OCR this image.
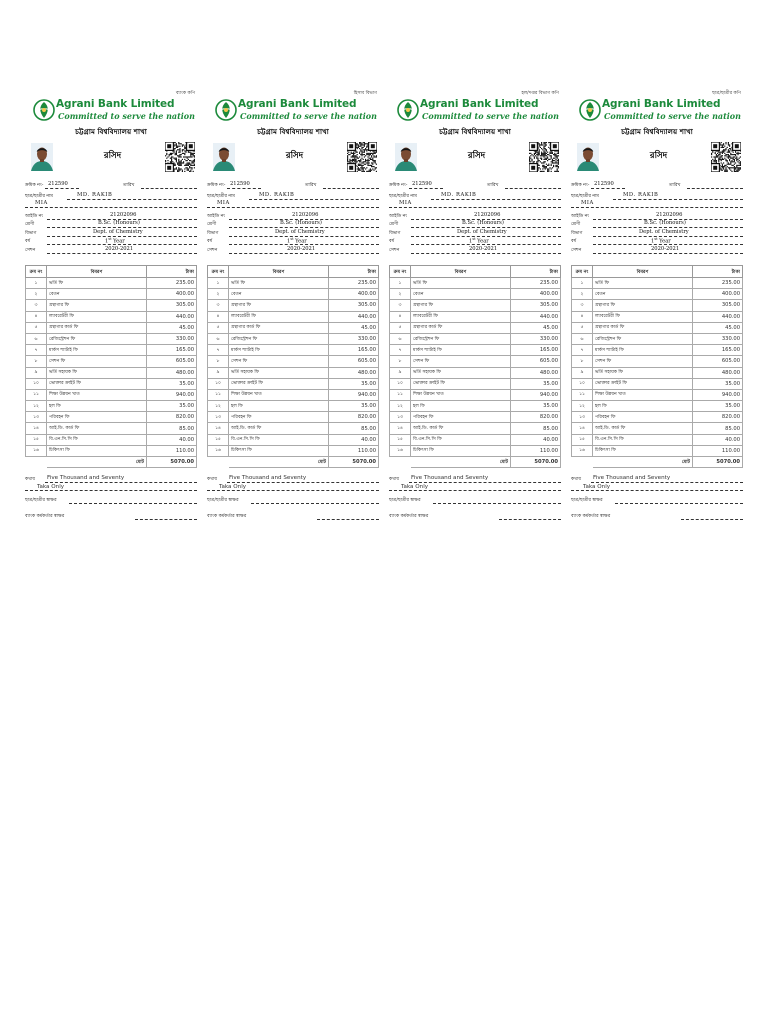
ব্যাংক কপি
Agrani Bank Limited
Committed to serve the nation
চট্টগ্রাম বিশ্ববিদ্যালয় শাখা
রসিদ
ক্রমিক নং- 212590	তারিখ
ছাত্র/ছাত্রীর নাম	MD. RAKIB
MIA
আইডি নং	21202096
শ্রেণী	B.Sc. (Honours)
বিভাগ	Dept. of Chemistry
বর্ষ	1st Year
সেশন	2020-2021
ক্রম নং	বিবরণ	টাকা
১	ভর্তি ফি	235.00
২	বেতন	400.00
৩	গ্রন্থাগার ফি	305.00
৪	ল্যাবরেটরী ফি	440.00
৫	গ্রন্থাগার কার্ড ফি	45.00
৬	রেজিস্ট্রেশন ফি	330.00
৭	মার্কস শ্যাটাই ফি	165.00
৮	সেশন ফি	605.00
৯	ভর্তি সহায়ক ফি	480.00
১০	ভোক্তার ক্রাইট ফি	35.00
১১	শিক্ষা উন্নয়ন খাত	940.00
১২	হল ফি	35.00
১৩	পরিবহন ফি	820.00
১৪	আই.ডি. কার্ড ফি	85.00
১৫	বি.এন.সি.সি ফি	40.00
১৬	চিকিৎসা ফি	110.00
	মোট	5070.00
কথায় Five Thousand and Seventy
Taka Only
ছাত্র/ছাত্রীর স্বাক্ষর
ব্যাংক কর্মকর্তার স্বাক্ষর
হিসাব বিভাগ
Agrani Bank Limited
Committed to serve the nation
চট্টগ্রাম বিশ্ববিদ্যালয় শাখা
রসিদ
ক্রমিক নং- 212590	তারিখ
ছাত্র/ছাত্রীর নাম	MD. RAKIB
MIA
আইডি নং	21202096
শ্রেণী	B.Sc. (Honours)
বিভাগ	Dept. of Chemistry
বর্ষ	1st Year
সেশন	2020-2021
ক্রম নং	বিবরণ	টাকা
১	ভর্তি ফি	235.00
২	বেতন	400.00
৩	গ্রন্থাগার ফি	305.00
৪	ল্যাবরেটরী ফি	440.00
৫	গ্রন্থাগার কার্ড ফি	45.00
৬	রেজিস্ট্রেশন ফি	330.00
৭	মার্কস শ্যাটাই ফি	165.00
৮	সেশন ফি	605.00
৯	ভর্তি সহায়ক ফি	480.00
১০	ভোক্তার ক্রাইট ফি	35.00
১১	শিক্ষা উন্নয়ন খাত	940.00
১২	হল ফি	35.00
১৩	পরিবহন ফি	820.00
১৪	আই.ডি. কার্ড ফি	85.00
১৫	বি.এন.সি.সি ফি	40.00
১৬	চিকিৎসা ফি	110.00
	মোট	5070.00
কথায় Five Thousand and Seventy
Taka Only
ছাত্র/ছাত্রীর স্বাক্ষর
ব্যাংক কর্মকর্তার স্বাক্ষর
হল/দপ্তর বিভাগ কপি
Agrani Bank Limited
Committed to serve the nation
চট্টগ্রাম বিশ্ববিদ্যালয় শাখা
রসিদ
ক্রমিক নং- 212590	তারিখ
ছাত্র/ছাত্রীর নাম	MD. RAKIB
MIA
আইডি নং	21202096
শ্রেণী	B.Sc. (Honours)
বিভাগ	Dept. of Chemistry
বর্ষ	1st Year
সেশন	2020-2021
ক্রম নং	বিবরণ	টাকা
১	ভর্তি ফি	235.00
২	বেতন	400.00
৩	গ্রন্থাগার ফি	305.00
৪	ল্যাবরেটরী ফি	440.00
৫	গ্রন্থাগার কার্ড ফি	45.00
৬	রেজিস্ট্রেশন ফি	330.00
৭	মার্কস শ্যাটাই ফি	165.00
৮	সেশন ফি	605.00
৯	ভর্তি সহায়ক ফি	480.00
১০	ভোক্তার ক্রাইট ফি	35.00
১১	শিক্ষা উন্নয়ন খাত	940.00
১২	হল ফি	35.00
১৩	পরিবহন ফি	820.00
১৪	আই.ডি. কার্ড ফি	85.00
১৫	বি.এন.সি.সি ফি	40.00
১৬	চিকিৎসা ফি	110.00
	মোট	5070.00
কথায় Five Thousand and Seventy
Taka Only
ছাত্র/ছাত্রীর স্বাক্ষর
ব্যাংক কর্মকর্তার স্বাক্ষর
ছাত্র/ছাত্রীর কপি
Agrani Bank Limited
Committed to serve the nation
চট্টগ্রাম বিশ্ববিদ্যালয় শাখা
রসিদ
ক্রমিক নং- 212590	তারিখ
ছাত্র/ছাত্রীর নাম	MD. RAKIB
MIA
আইডি নং	21202096
শ্রেণী	B.Sc. (Honours)
বিভাগ	Dept. of Chemistry
বর্ষ	1st Year
সেশন	2020-2021
ক্রম নং	বিবরণ	টাকা
১	ভর্তি ফি	235.00
২	বেতন	400.00
৩	গ্রন্থাগার ফি	305.00
৪	ল্যাবরেটরী ফি	440.00
৫	গ্রন্থাগার কার্ড ফি	45.00
৬	রেজিস্ট্রেশন ফি	330.00
৭	মার্কস শ্যাটাই ফি	165.00
৮	সেশন ফি	605.00
৯	ভর্তি সহায়ক ফি	480.00
১০	ভোক্তার ক্রাইট ফি	35.00
১১	শিক্ষা উন্নয়ন খাত	940.00
১২	হল ফি	35.00
১৩	পরিবহন ফি	820.00
১৪	আই.ডি. কার্ড ফি	85.00
১৫	বি.এন.সি.সি ফি	40.00
১৬	চিকিৎসা ফি	110.00
	মোট	5070.00
কথায় Five Thousand and Seventy
Taka Only
ছাত্র/ছাত্রীর স্বাক্ষর
ব্যাংক কর্মকর্তার স্বাক্ষর
